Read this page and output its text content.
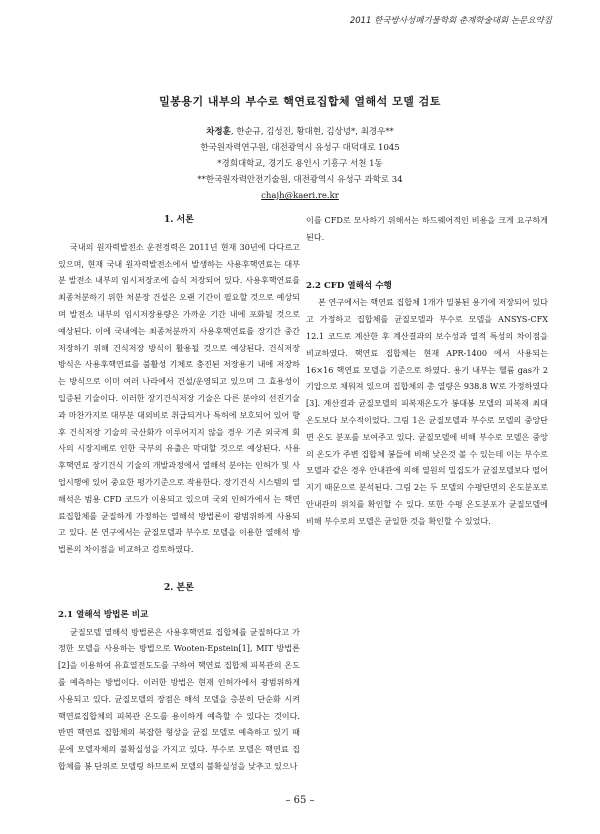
2011 한국방사성폐기물학회 춘계학술대회 논문요약집
밀봉용기 내부의 부수로 핵연료집합체 열해석 모델 검토
차정훈, 한순규, 김성진, 황대현, 김상녕*, 최경우**
한국원자력연구원, 대전광역시 유성구 대덕대로 1045
*경희대학교, 경기도 용인시 기흥구 서천 1동
**한국원자력안전기술원, 대전광역시 유성구 과학로 34
chajh@kaeri.re.kr

1. 서론

국내의 원자력발전소 운전경력은 2011년 현재 30년에 다다르고 있으며, 현재 국내 원자력발전소에서 발생하는 사용후핵연료는 대부분 발전소 내부의 임시저장조에 습식 저장되어 있다. 사용후핵연료를 최종처분하기 위한 처분장 건설은 오랜 기간이 필요할 것으로 예상되며 발전소 내부의 임시저장용량은 가까운 기간 내에 포화될 것으로 예상된다. 이에 국내에는 최종처분까지 사용후핵연료를 장기간 중간저장하기 위해 건식저장 방식이 활용될 것으로 예상된다. 건식저장 방식은 사용후핵연료를 불활성 기체로 충진된 저장용기 내에 저장하는 방식으로 이미 여러 나라에서 건설/운영되고 있으며 그 효용성이 입증된 기술이다. 이러한 장기건식저장 기술은 다른 분야의 선진기술과 마찬가지로 대부분 대외비로 취급되거나 특허에 보호되어 있어 향후 건식저장 기술의 국산화가 이루어지지 않을 경우 기존 외국계 회사의 시장지배로 인한 국부의 유출은 막대할 것으로 예상된다. 사용후핵연료 장기건식 기술의 개발과정에서 열해석 분야는 인허가 및 사업시행에 있어 중요한 평가기준으로 작용한다. 장기건식 시스템의 열해석은 범용 CFD 코드가 이용되고 있으며 국외 인허가에서 는 핵연료집합체를 균질하게 가정하는 열해석 방법론이 광범위하게 사용되고 있다. 본 연구에서는 균질모델과 부수로 모델을 이용한 열해석 방법론의 차이점을 비교하고 검토하였다.

2. 본론

2.1 열해석 방법론 비교

균질모델 열해석 방법론은 사용후핵연료 집합체를 균질하다고 가정한 모델을 사용하는 방법으로 Wooten-Epstein[1], MIT 방법론[2]을 이용하여 유효열전도도를 구하여 핵연료 집합체 피복관의 온도를 예측하는 방법이다. 이러한 방법은 현재 인허가에서 광범위하게 사용되고 있다. 균질모델의 장점은 해석 모델을 층분히 단순화 시켜 핵연료집합체의 피복관 온도를 용이하게 예측할 수 있다는 것이다. 반면 핵연료 집합체의 복잡한 형상을 균질 모델로 예측하고 있기 때문에 모델자체의 불확실성을 가지고 있다. 부수로 모델은 핵연료 집합체를 봉 단위로 모델링 하므로써 모델의 불확실성을 낮추고 있으나

이를 CFD로 모사하기 위해서는 하드웨어적인 비용을 크게 요구하게 된다.

2.2 CFD 열해석 수행

본 연구에서는 핵연료 집합체 1개가 밀봉된 용기에 저장되어 있다고 가정하고 집합체를 균질모델과 부수로 모델을 ANSYS-CFX 12.1 코드로 계산한 후 계산결과의 보수성과 열적 특성의 차이점을 비교하였다. 핵연료 집합체는 현재 APR-1400 에서 사용되는 16×16 핵연료 모델을 기준으로 하였다. 용기 내부는 헬륨 gas가 2기압으로 채워져 있으며 집합체의 총 열량은 938.8 W로 가정하였다[3]. 계산결과 균질모델의 피복재온도가 봉대봉 모델의 피복재 최대온도보다 보수적이었다. 그림 1은 균질모델과 부수로 모델의 중앙단면 온도 분포를 보여주고 있다. 균질모델에 비해 부수로 모델은 중앙의 온도가 주변 집합체 봉들에 비해 낮은것 볼 수 있는데 이는 부수로 모델과 같은 경우 안내관에 의해 열원의 밀집도가 균질모델보다 떨어지기 때문으로 분석된다. 그림 2는 두 모델의 수평단면의 온도분포로 안내관의 위치를 확인할 수 있다. 또한 수평 온도분포가 균질모델에 비해 부수로의 모델은 균일한 것을 확인할 수 있었다.

– 65 –
